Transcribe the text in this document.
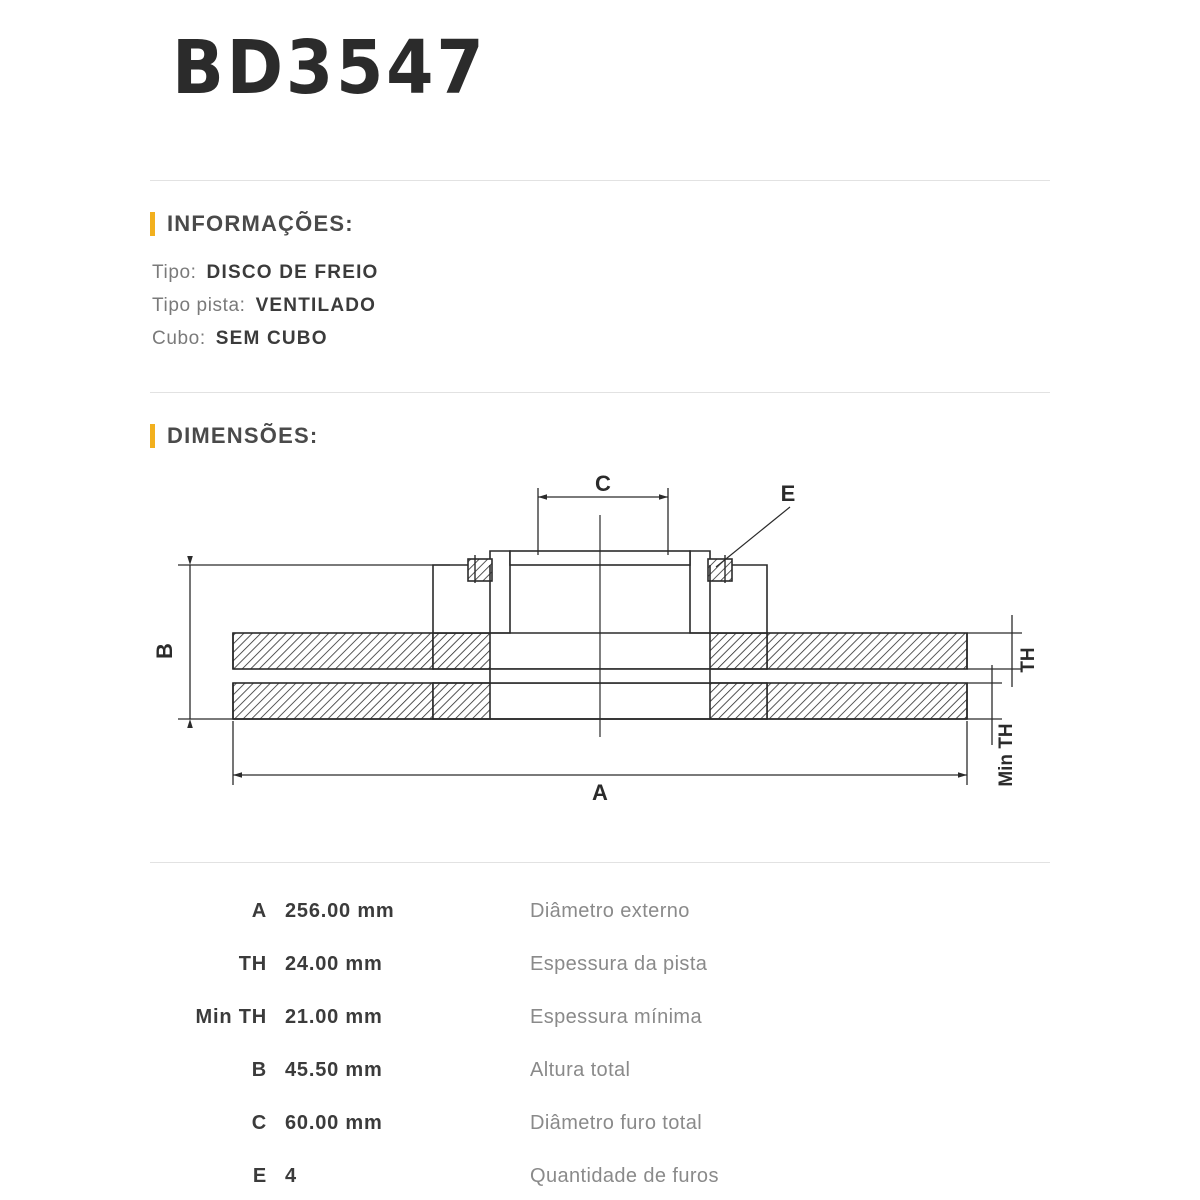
BD3547
INFORMAÇÕES:
Tipo: DISCO DE FREIO
Tipo pista: VENTILADO
Cubo: SEM CUBO
DIMENSÕES:
C	E
B
A
TH
Min TH
A 256.00 mm	Diâmetro externo
TH 24.00 mm	Espessura da pista
Min TH 21.00 mm	Espessura mínima
B 45.50 mm	Altura total
C 60.00 mm	Diâmetro furo total
E 4	Quantidade de furos
